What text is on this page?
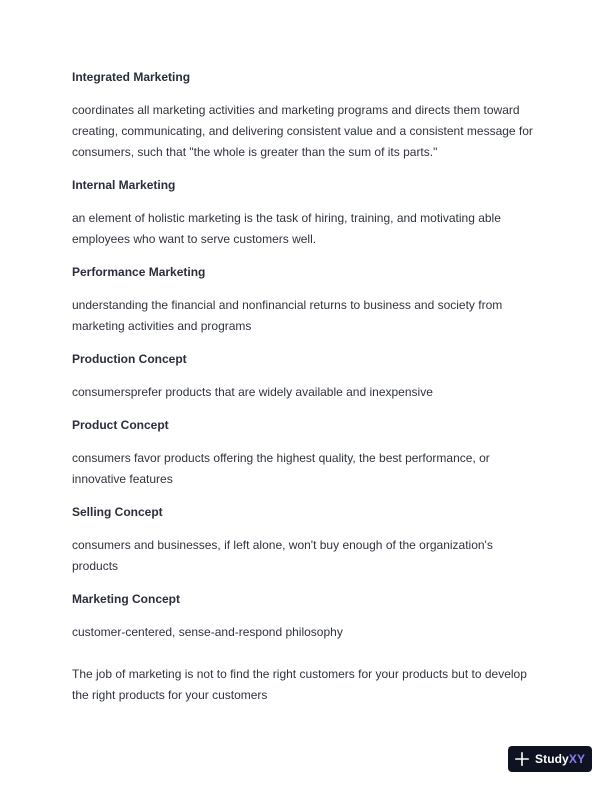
Integrated Marketing

coordinates all marketing activities and marketing programs and directs them toward creating, communicating, and delivering consistent value and a consistent message for consumers, such that "the whole is greater than the sum of its parts."

Internal Marketing

an element of holistic marketing is the task of hiring, training, and motivating able employees who want to serve customers well.

Performance Marketing

understanding the financial and nonfinancial returns to business and society from marketing activities and programs

Production Concept

consumersprefer products that are widely available and inexpensive

Product Concept

consumers favor products offering the highest quality, the best performance, or innovative features

Selling Concept

consumers and businesses, if left alone, won't buy enough of the organization's products

Marketing Concept

customer-centered, sense-and-respond philosophy

The job of marketing is not to find the right customers for your products but to develop the right products for your customers

StudyXY
